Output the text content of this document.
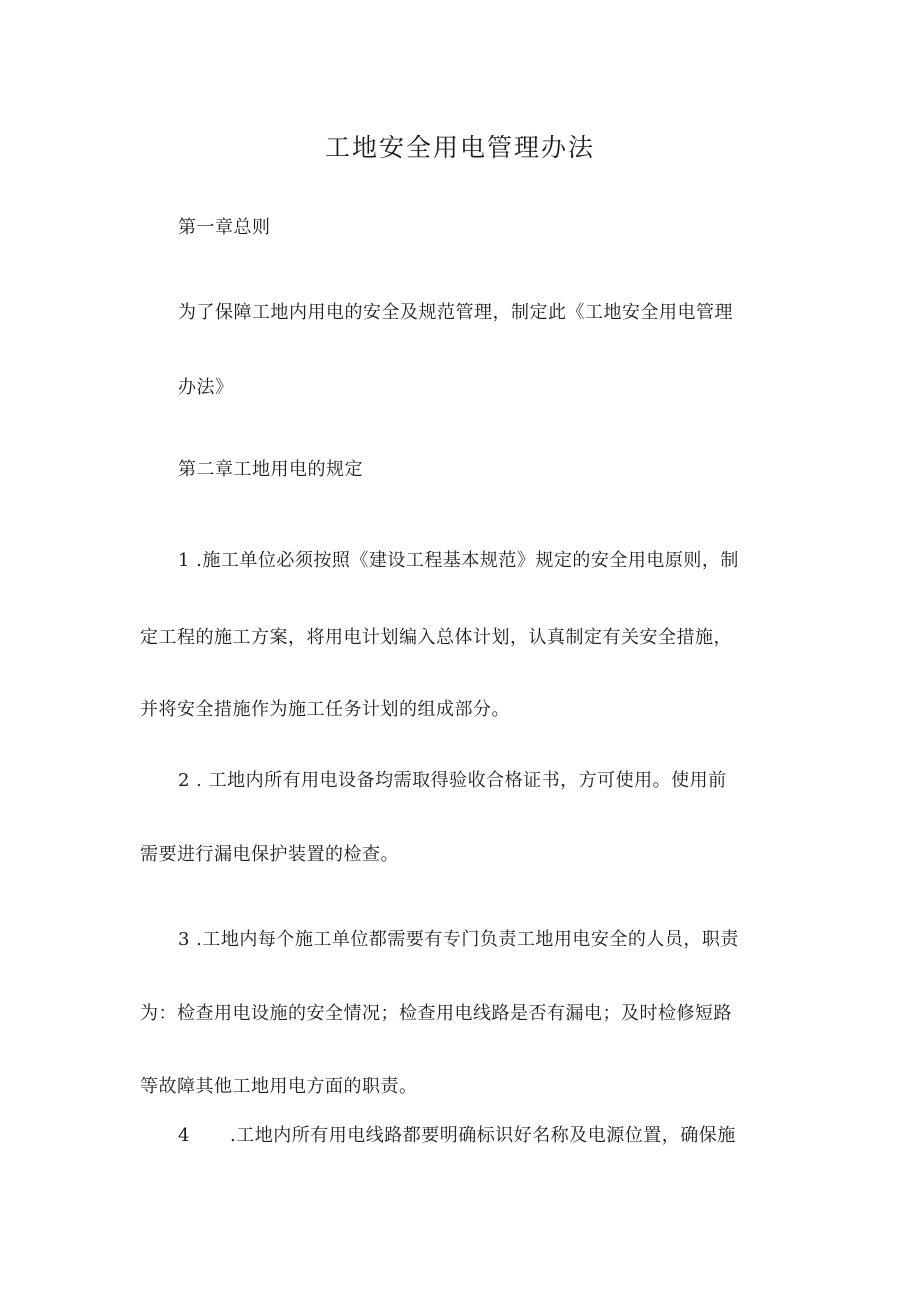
工地安全用电管理办法
第一章总则
为了保障工地内用电的安全及规范管理，制定此《工地安全用电管理
办法》
第二章工地用电的规定
1 .施工单位必须按照《建设工程基本规范》规定的安全用电原则，制
定工程的施工方案，将用电计划编入总体计划，认真制定有关安全措施，
并将安全措施作为施工任务计划的组成部分。
2 . 工地内所有用电设备均需取得验收合格证书，方可使用。使用前
需要进行漏电保护装置的检查。
3 .工地内每个施工单位都需要有专门负责工地用电安全的人员，职责
为：检查用电设施的安全情况；检查用电线路是否有漏电；及时检修短路
等故障其他工地用电方面的职责。
4 .工地内所有用电线路都要明确标识好名称及电源位置，确保施
